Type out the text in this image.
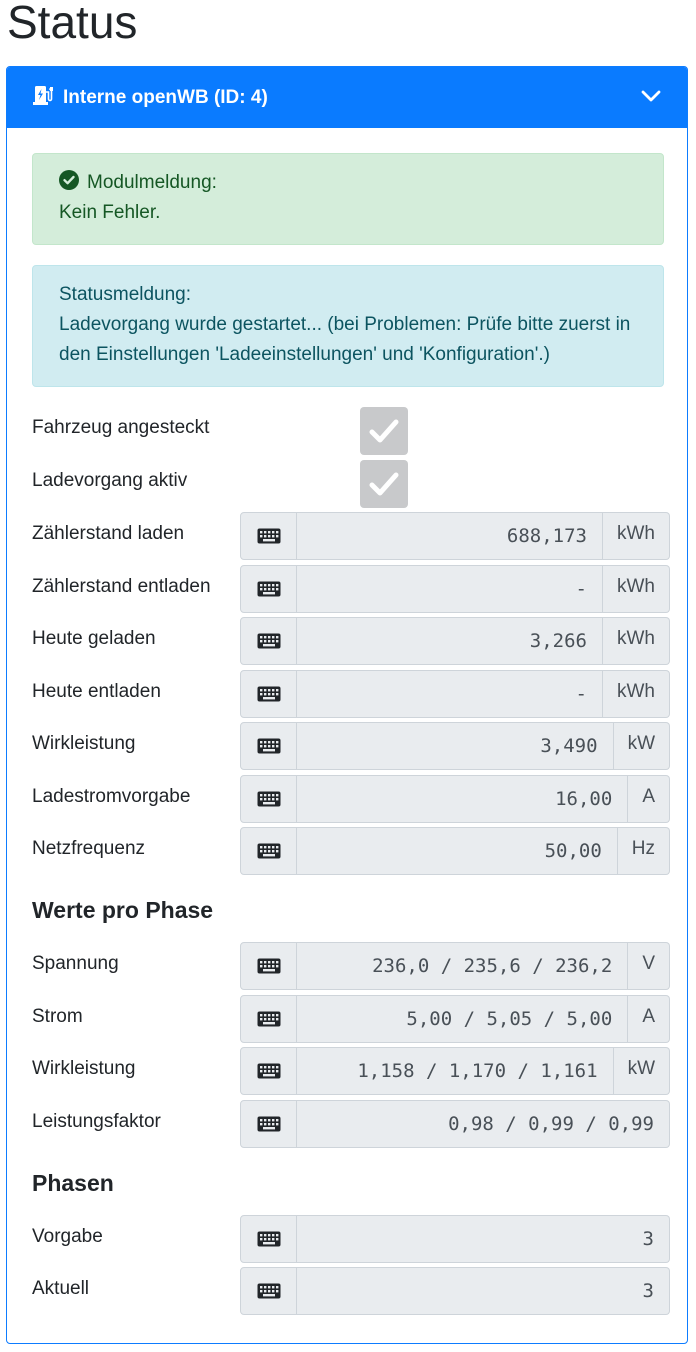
Status
Interne openWB (ID: 4)
Modulmeldung:
Kein Fehler.
Statusmeldung:
Ladevorgang wurde gestartet... (bei Problemen: Prüfe bitte zuerst in den Einstellungen 'Ladeeinstellungen' und 'Konfiguration'.)
Fahrzeug angesteckt
Ladevorgang aktiv
Zählerstand laden	688,173	kWh
Zählerstand entladen	-	kWh
Heute geladen	3,266	kWh
Heute entladen	-	kWh
Wirkleistung	3,490	kW
Ladestromvorgabe	16,00	A
Netzfrequenz	50,00	Hz
Werte pro Phase
Spannung	236,0 / 235,6 / 236,2	V
Strom	5,00 / 5,05 / 5,00	A
Wirkleistung	1,158 / 1,170 / 1,161	kW
Leistungsfaktor	0,98 / 0,99 / 0,99
Phasen
Vorgabe	3
Aktuell	3
